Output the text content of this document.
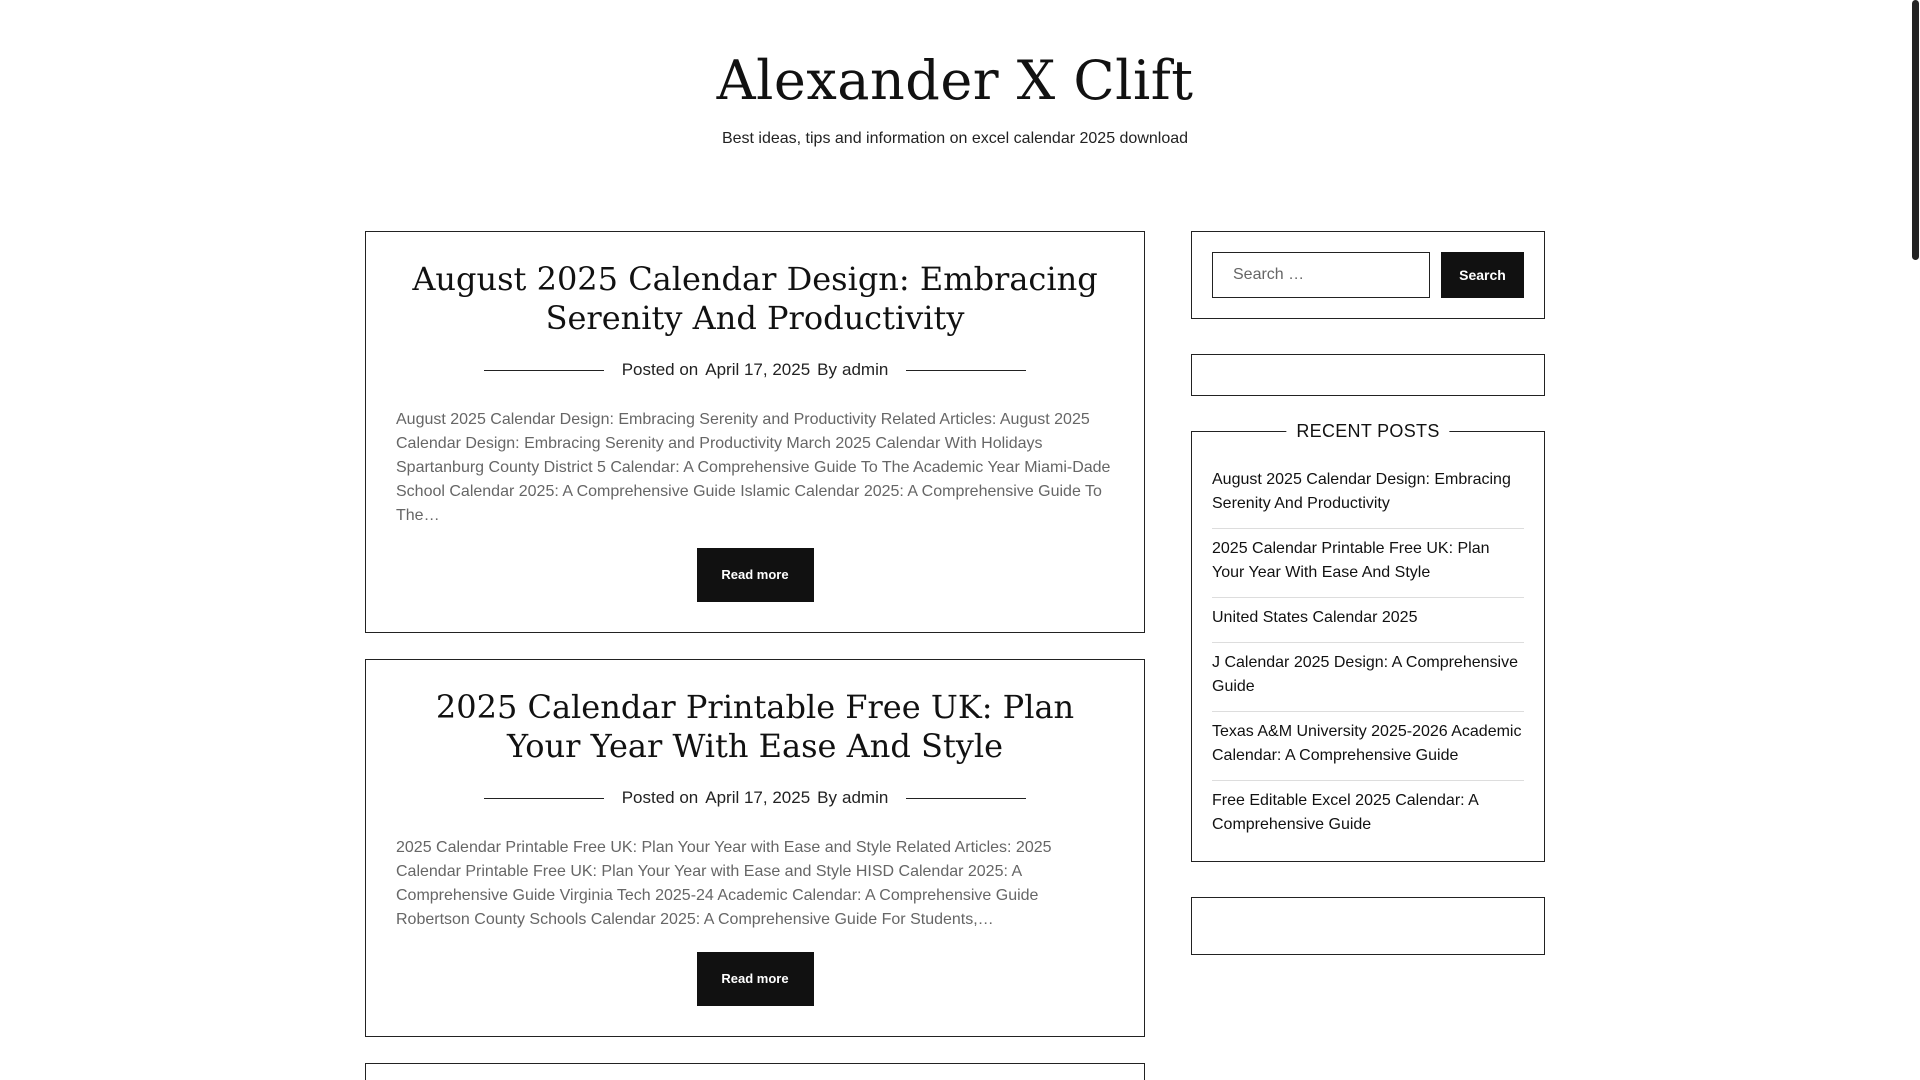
Alexander X Clift
Best ideas, tips and information on excel calendar 2025 download
August 2025 Calendar Design: Embracing Serenity And Productivity
Posted on April 17, 2025 By admin
August 2025 Calendar Design: Embracing Serenity and Productivity Related Articles: August 2025 Calendar Design: Embracing Serenity and Productivity March 2025 Calendar With Holidays Spartanburg County District 5 Calendar: A Comprehensive Guide To The Academic Year Miami-Dade School Calendar 2025: A Comprehensive Guide Islamic Calendar 2025: A Comprehensive Guide To The…
Read more
2025 Calendar Printable Free UK: Plan Your Year With Ease And Style
Posted on April 17, 2025 By admin
2025 Calendar Printable Free UK: Plan Your Year with Ease and Style Related Articles: 2025 Calendar Printable Free UK: Plan Your Year with Ease and Style HISD Calendar 2025: A Comprehensive Guide Virginia Tech 2025-24 Academic Calendar: A Comprehensive Guide Robertson County Schools Calendar 2025: A Comprehensive Guide For Students,…
Read more
Search …
Search
RECENT POSTS
August 2025 Calendar Design: Embracing Serenity And Productivity
2025 Calendar Printable Free UK: Plan Your Year With Ease And Style
United States Calendar 2025
J Calendar 2025 Design: A Comprehensive Guide
Texas A&M University 2025-2026 Academic Calendar: A Comprehensive Guide
Free Editable Excel 2025 Calendar: A Comprehensive Guide
